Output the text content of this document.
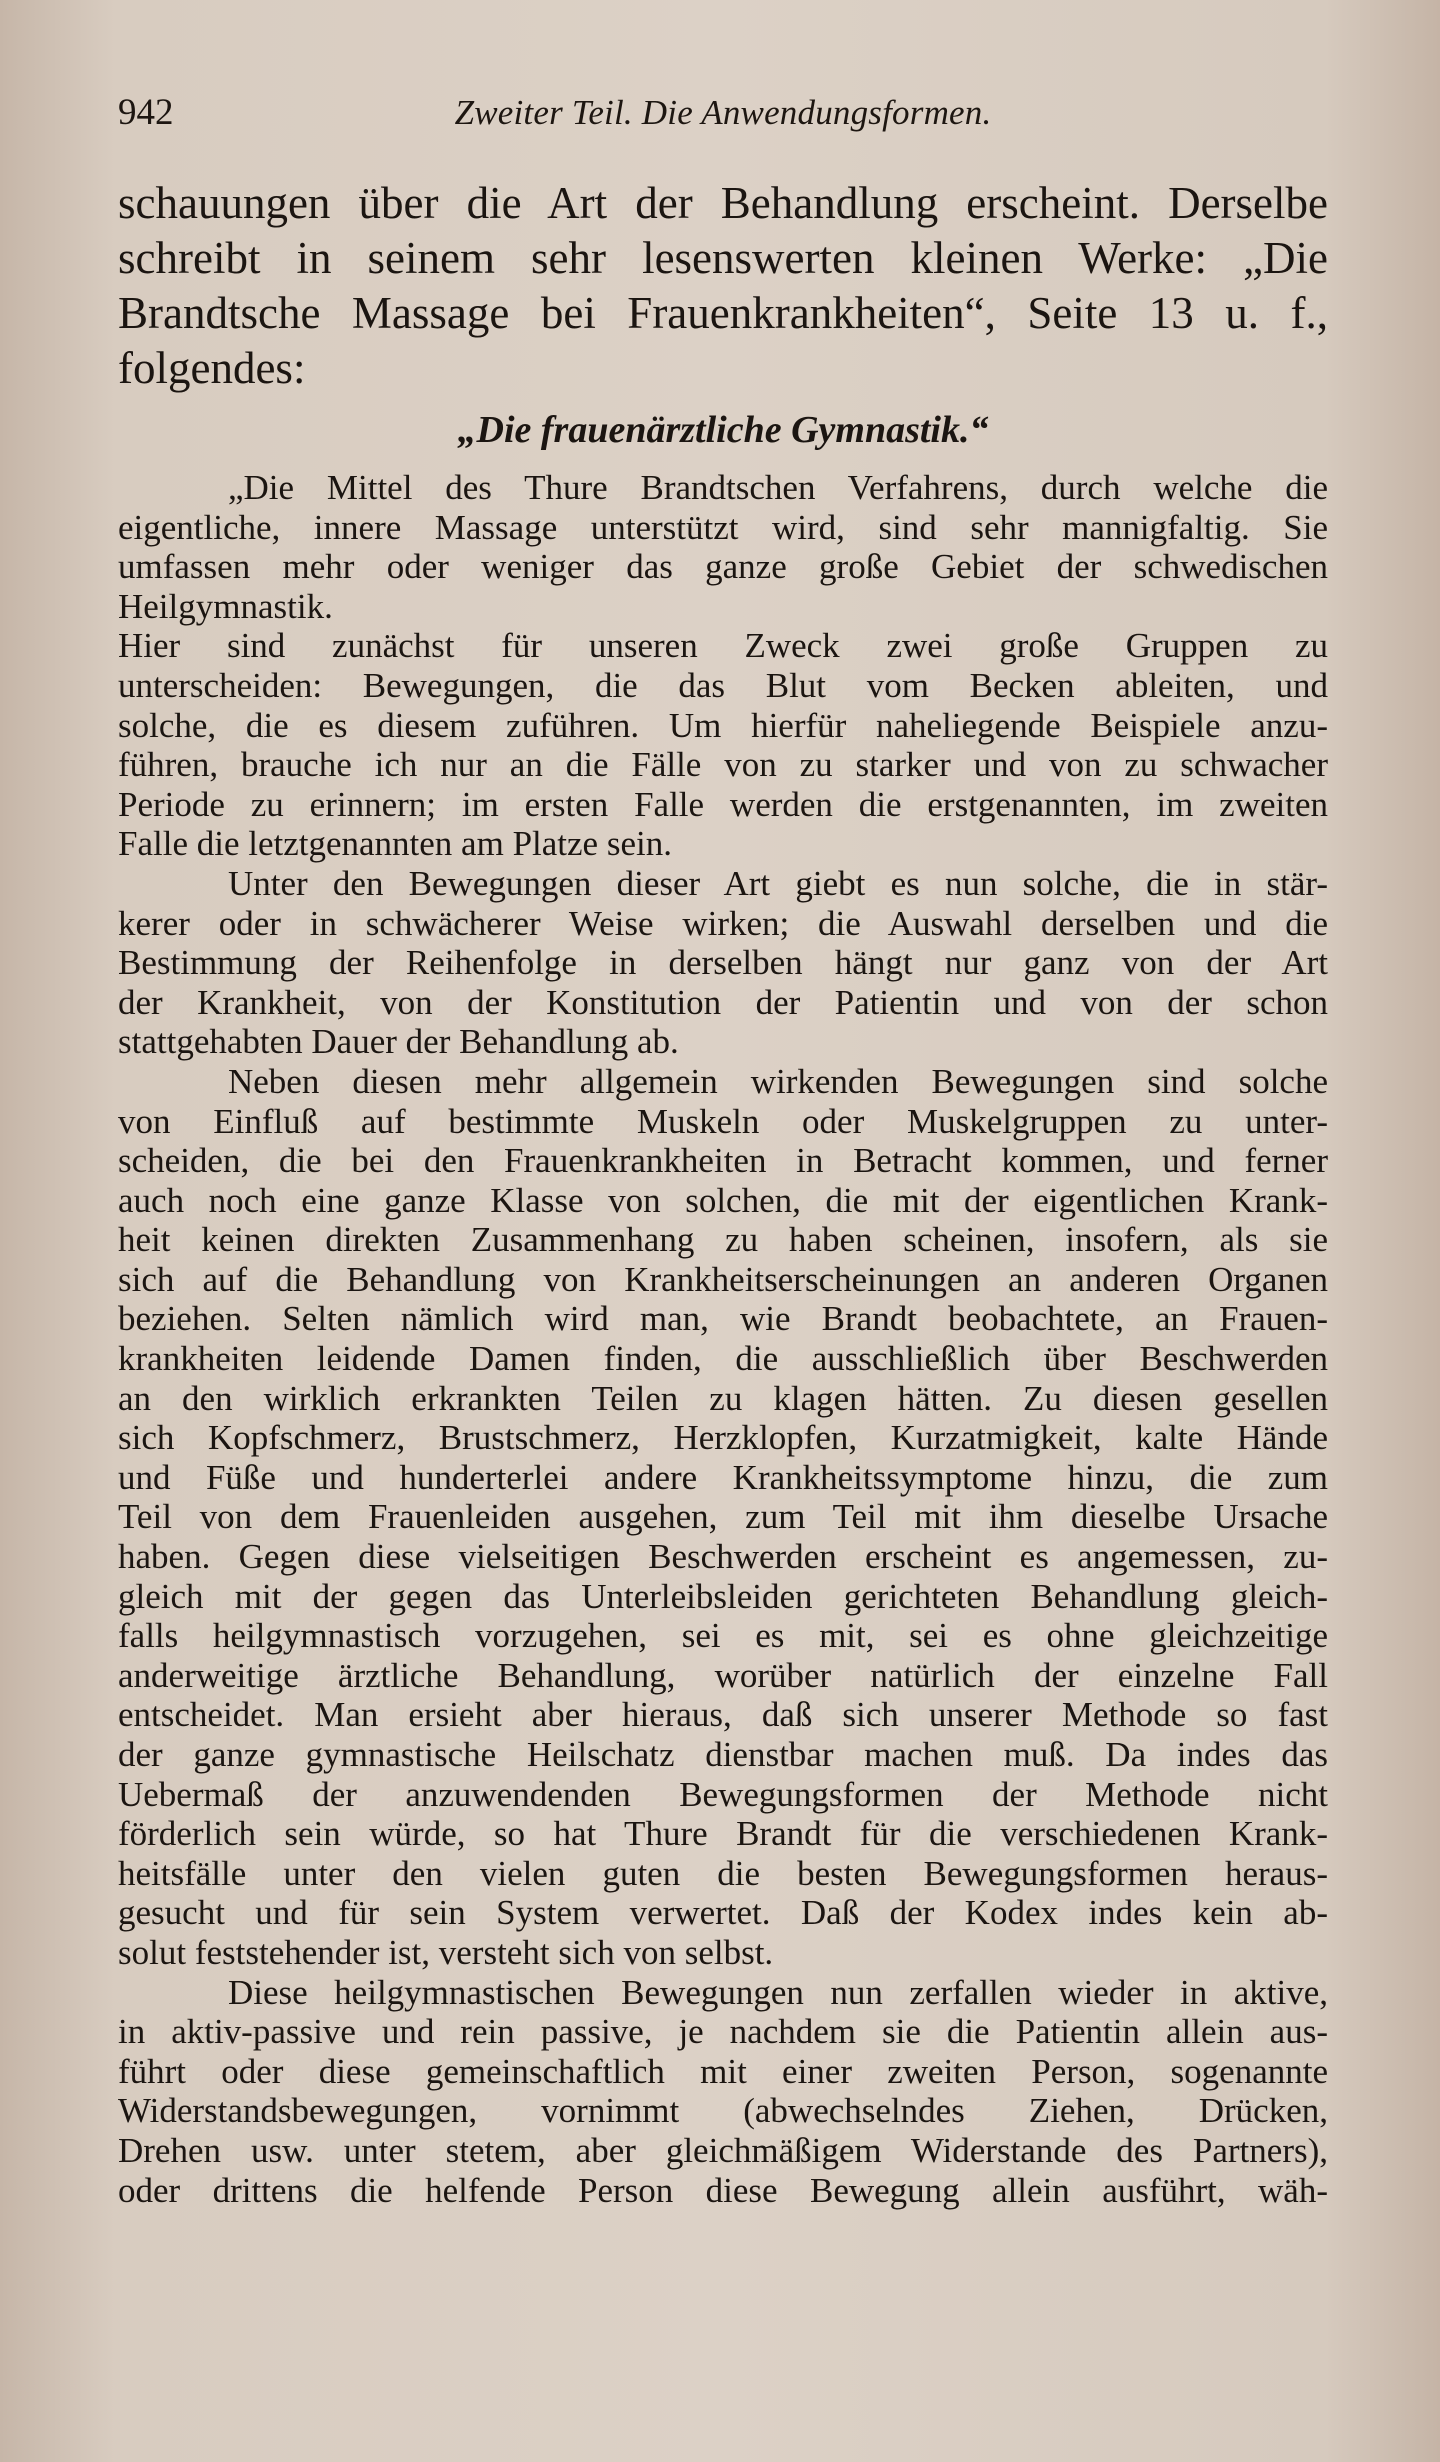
942	Zweiter Teil. Die Anwendungsformen.
schauungen über die Art der Behandlung erscheint. Derselbe
schreibt in seinem sehr lesenswerten kleinen Werke: „Die
Brandtsche Massage bei Frauenkrankheiten“, Seite 13 u. f.,
folgendes:
„Die frauenärztliche Gymnastik.“
„Die Mittel des Thure Brandtschen Verfahrens, durch welche die
eigentliche, innere Massage unterstützt wird, sind sehr mannigfaltig. Sie
umfassen mehr oder weniger das ganze große Gebiet der schwedischen
Heilgymnastik.
Hier sind zunächst für unseren Zweck zwei große Gruppen zu
unterscheiden: Bewegungen, die das Blut vom Becken ableiten, und
solche, die es diesem zuführen. Um hierfür naheliegende Beispiele anzu-
führen, brauche ich nur an die Fälle von zu starker und von zu schwacher
Periode zu erinnern; im ersten Falle werden die erstgenannten, im zweiten
Falle die letztgenannten am Platze sein.
Unter den Bewegungen dieser Art giebt es nun solche, die in stär-
kerer oder in schwächerer Weise wirken; die Auswahl derselben und die
Bestimmung der Reihenfolge in derselben hängt nur ganz von der Art
der Krankheit, von der Konstitution der Patientin und von der schon
stattgehabten Dauer der Behandlung ab.
Neben diesen mehr allgemein wirkenden Bewegungen sind solche
von Einfluß auf bestimmte Muskeln oder Muskelgruppen zu unter-
scheiden, die bei den Frauenkrankheiten in Betracht kommen, und ferner
auch noch eine ganze Klasse von solchen, die mit der eigentlichen Krank-
heit keinen direkten Zusammenhang zu haben scheinen, insofern, als sie
sich auf die Behandlung von Krankheitserscheinungen an anderen Organen
beziehen. Selten nämlich wird man, wie Brandt beobachtete, an Frauen-
krankheiten leidende Damen finden, die ausschließlich über Beschwerden
an den wirklich erkrankten Teilen zu klagen hätten. Zu diesen gesellen
sich Kopfschmerz, Brustschmerz, Herzklopfen, Kurzatmigkeit, kalte Hände
und Füße und hunderterlei andere Krankheitssymptome hinzu, die zum
Teil von dem Frauenleiden ausgehen, zum Teil mit ihm dieselbe Ursache
haben. Gegen diese vielseitigen Beschwerden erscheint es angemessen, zu-
gleich mit der gegen das Unterleibsleiden gerichteten Behandlung gleich-
falls heilgymnastisch vorzugehen, sei es mit, sei es ohne gleichzeitige
anderweitige ärztliche Behandlung, worüber natürlich der einzelne Fall
entscheidet. Man ersieht aber hieraus, daß sich unserer Methode so fast
der ganze gymnastische Heilschatz dienstbar machen muß. Da indes das
Uebermaß der anzuwendenden Bewegungsformen der Methode nicht
förderlich sein würde, so hat Thure Brandt für die verschiedenen Krank-
heitsfälle unter den vielen guten die besten Bewegungsformen heraus-
gesucht und für sein System verwertet. Daß der Kodex indes kein ab-
solut feststehender ist, versteht sich von selbst.
Diese heilgymnastischen Bewegungen nun zerfallen wieder in aktive,
in aktiv-passive und rein passive, je nachdem sie die Patientin allein aus-
führt oder diese gemeinschaftlich mit einer zweiten Person, sogenannte
Widerstandsbewegungen, vornimmt (abwechselndes Ziehen, Drücken,
Drehen usw. unter stetem, aber gleichmäßigem Widerstande des Partners),
oder drittens die helfende Person diese Bewegung allein ausführt, wäh-
